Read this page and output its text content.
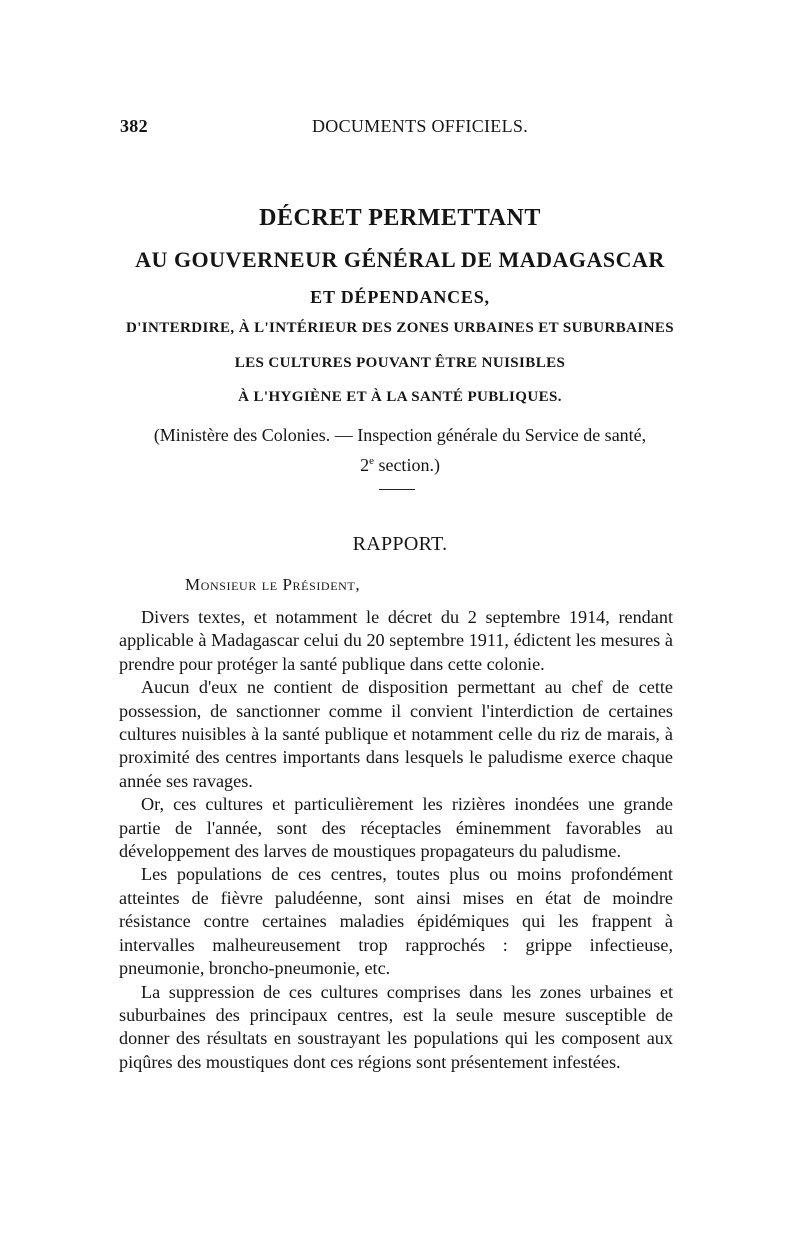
382	DOCUMENTS OFFICIELS.
DÉCRET PERMETTANT
AU GOUVERNEUR GÉNÉRAL DE MADAGASCAR
ET DÉPENDANCES,
D'INTERDIRE, À L'INTÉRIEUR DES ZONES URBAINES ET SUBURBAINES
LES CULTURES POUVANT ÊTRE NUISIBLES
À L'HYGIÈNE ET À LA SANTÉ PUBLIQUES.
(Ministère des Colonies. — Inspection générale du Service de santé,
2e section.)
RAPPORT.
Monsieur le Président,

Divers textes, et notamment le décret du 2 septembre 1914, rendant applicable à Madagascar celui du 20 septembre 1911, édictent les mesures à prendre pour protéger la santé publique dans cette colonie.

Aucun d'eux ne contient de disposition permettant au chef de cette possession, de sanctionner comme il convient l'interdiction de certaines cultures nuisibles à la santé publique et notamment celle du riz de marais, à proximité des centres importants dans lesquels le paludisme exerce chaque année ses ravages.

Or, ces cultures et particulièrement les rizières inondées une grande partie de l'année, sont des réceptacles éminemment favorables au développement des larves de moustiques propagateurs du paludisme.

Les populations de ces centres, toutes plus ou moins profondément atteintes de fièvre paludéenne, sont ainsi mises en état de moindre résistance contre certaines maladies épidémiques qui les frappent à intervalles malheureusement trop rapprochés : grippe infectieuse, pneumonie, broncho-pneumonie, etc.

La suppression de ces cultures comprises dans les zones urbaines et suburbaines des principaux centres, est la seule mesure susceptible de donner des résultats en soustrayant les populations qui les composent aux piqûres des moustiques dont ces régions sont présentement infestées.
